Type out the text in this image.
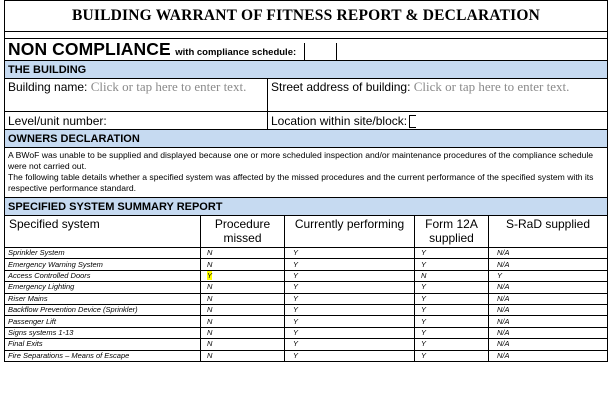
BUILDING WARRANT OF FITNESS REPORT & DECLARATION					

NON COMPLIANCE with compliance schedule:					
THE BUILDING					
Building name: Click or tap here to enter text.		Street address of building: Click or tap here to enter text.			
Level/unit number:		Location within site/block:			
OWNERS DECLARATION					

A BWoF was unable to be supplied and displayed because one or more scheduled inspection and/or maintenance procedures of the compliance schedule were not carried out.
The following table details whether a specified system was affected by the missed procedures and the current performance of the specified system with its respective performance standard.					

SPECIFIED SYSTEM SUMMARY REPORT					
Specified system	Procedure missed		Currently performing	Form 12A supplied	S-RaD supplied
Sprinkler System	N		Y	Y	N/A
Emergency Warning System	N		Y	Y	N/A
Access Controlled Doors	Y		Y	N	Y
Emergency Lighting	N		Y	Y	N/A
Riser Mains	N		Y	Y	N/A
Backflow Prevention Device (Sprinkler)	N		Y	Y	N/A
Passenger Lift	N		Y	Y	N/A
Signs systems 1-13	N		Y	Y	N/A
Final Exits	N		Y	Y	N/A
Fire Separations – Means of Escape	N		Y	Y	N/A
